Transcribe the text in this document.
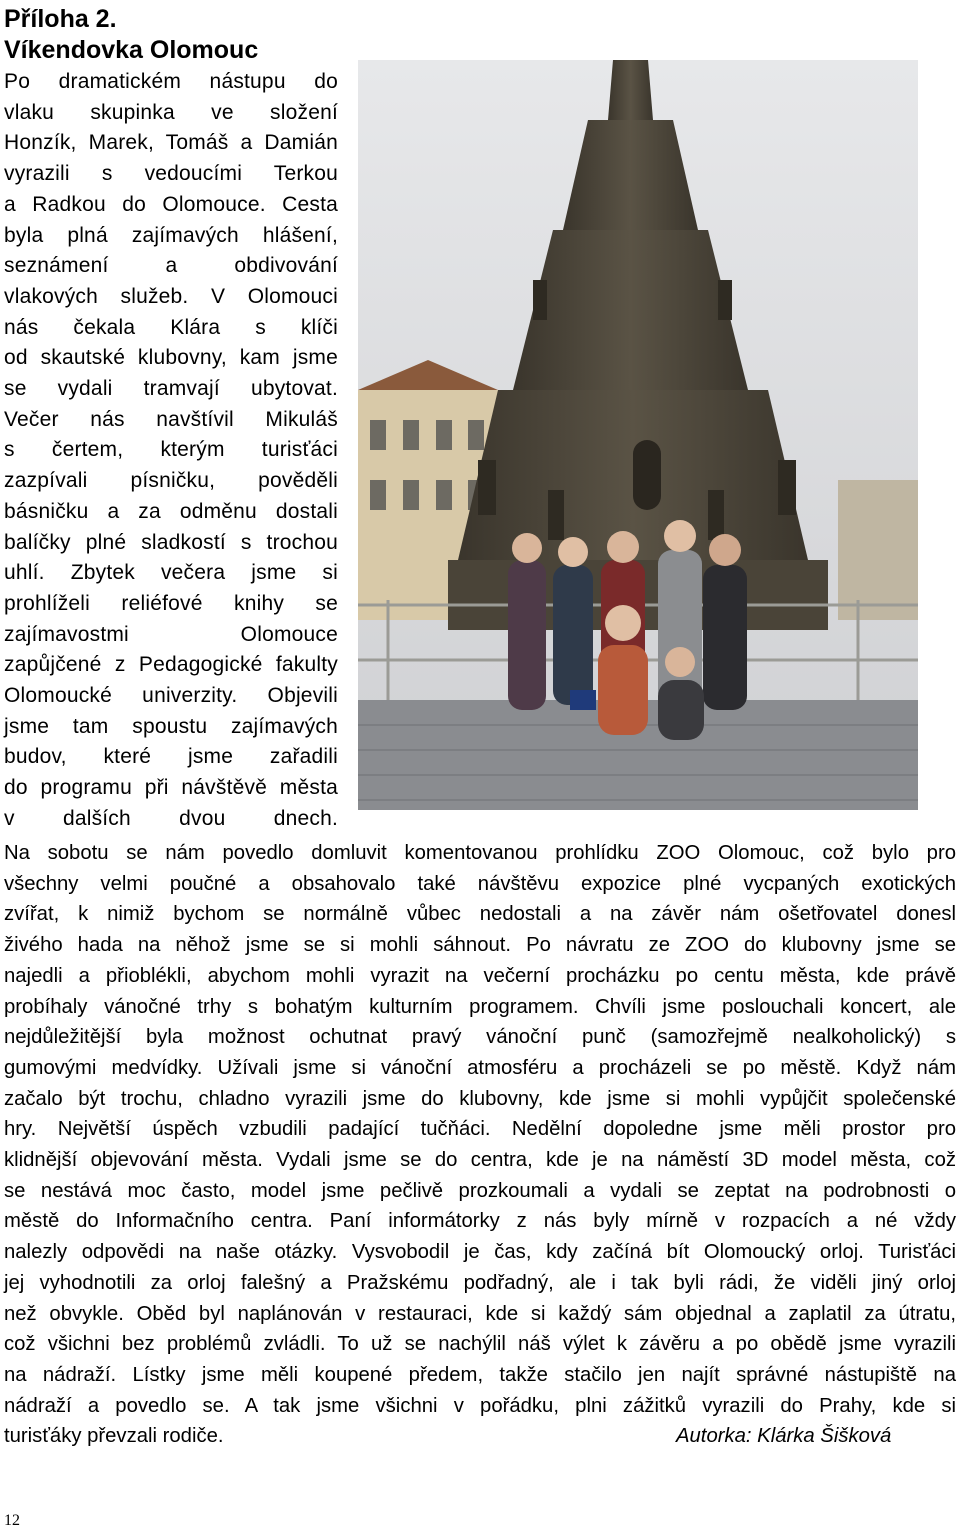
Příloha 2.
Víkendovka Olomouc
Po dramatickém nástupu do
vlaku skupinka ve složení
Honzík, Marek, Tomáš a Damián
vyrazili s vedoucími Terkou
a Radkou do Olomouce. Cesta
byla plná zajímavých hlášení,
seznámení a obdivování
vlakových služeb. V Olomouci
nás čekala Klára s klíči
od skautské klubovny, kam jsme
se vydali tramvají ubytovat.
Večer nás navštívil Mikuláš
s čertem, kterým turisťáci
zazpívali písničku, pověděli
básničku a za odměnu dostali
balíčky plné sladkostí s trochou
uhlí. Zbytek večera jsme si
prohlíželi reliéfové knihy se
zajímavostmi Olomouce
zapůjčené z Pedagogické fakulty
Olomoucké univerzity. Objevili
jsme tam spoustu zajímavých
budov, které jsme zařadili
do programu při návštěvě města
v dalších dvou dnech.
Na sobotu se nám povedlo domluvit komentovanou prohlídku ZOO Olomouc, což bylo pro
všechny velmi poučné a obsahovalo také návštěvu expozice plné vycpaných exotických
zvířat, k nimiž bychom se normálně vůbec nedostali a na závěr nám ošetřovatel donesl
živého hada na něhož jsme se si mohli sáhnout. Po návratu ze ZOO do klubovny jsme se
najedli a přioblékli, abychom mohli vyrazit na večerní procházku po centu města, kde právě
probíhaly vánočné trhy s bohatým kulturním programem. Chvíli jsme poslouchali koncert, ale
nejdůležitější byla možnost ochutnat pravý vánoční punč (samozřejmě nealkoholický) s
gumovými medvídky. Užívali jsme si vánoční atmosféru a procházeli se po městě. Když nám
začalo být trochu, chladno vyrazili jsme do klubovny, kde jsme si mohli vypůjčit společenské
hry. Největší úspěch vzbudili padající tučňáci. Nedělní dopoledne jsme měli prostor pro
klidnější objevování města. Vydali jsme se do centra, kde je na náměstí 3D model města, což
se nestává moc často, model jsme pečlivě prozkoumali a vydali se zeptat na podrobnosti o
městě do Informačního centra. Paní informátorky z nás byly mírně v rozpacích a né vždy
nalezly odpovědi na naše otázky. Vysvobodil je čas, kdy začíná bít Olomoucký orloj. Turisťáci
jej vyhodnotili za orloj falešný a Pražskému podřadný, ale i tak byli rádi, že viděli jiný orloj
než obvykle. Oběd byl naplánován v restauraci, kde si každý sám objednal a zaplatil za útratu,
což všichni bez problémů zvládli. To už se nachýlil náš výlet k závěru a po obědě jsme vyrazili
na nádraží. Lístky jsme měli koupené předem, takže stačilo jen najít správné nástupiště na
nádraží a povedlo se. A tak jsme všichni v pořádku, plni zážitků vyrazili do Prahy, kde si
turisťáky převzali rodiče.	Autorka: Klárka Šišková
12
